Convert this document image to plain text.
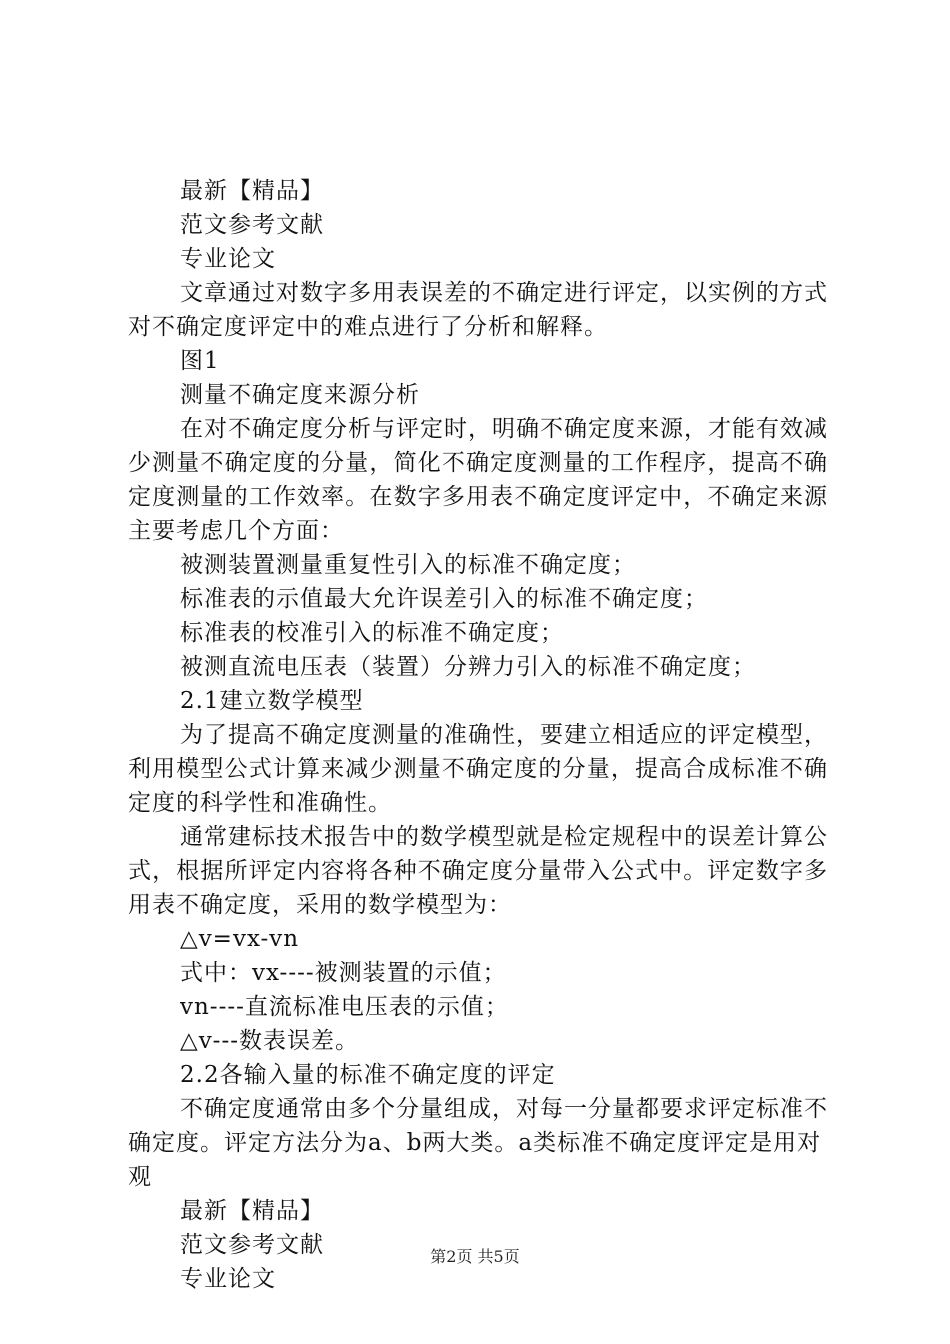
最新【精品】

范文参考文献

专业论文

文章通过对数字多用表误差的不确定进行评定，以实例的方式对不确定度评定中的难点进行了分析和解释。

图1

测量不确定度来源分析

在对不确定度分析与评定时，明确不确定度来源，才能有效减少测量不确定度的分量，简化不确定度测量的工作程序，提高不确定度测量的工作效率。在数字多用表不确定度评定中，不确定来源主要考虑几个方面：

被测装置测量重复性引入的标准不确定度；

标准表的示值最大允许误差引入的标准不确定度；

标准表的校准引入的标准不确定度；

被测直流电压表（装置）分辨力引入的标准不确定度；

2.1建立数学模型

为了提高不确定度测量的准确性，要建立相适应的评定模型，利用模型公式计算来减少测量不确定度的分量，提高合成标准不确定度的科学性和准确性。

通常建标技术报告中的数学模型就是检定规程中的误差计算公式，根据所评定内容将各种不确定度分量带入公式中。评定数字多用表不确定度，采用的数学模型为：

△v=vx-vn

式中：vx----被测装置的示值；

vn----直流标准电压表的示值；

△v---数表误差。

2.2各输入量的标准不确定度的评定

不确定度通常由多个分量组成，对每一分量都要求评定标准不确定度。评定方法分为a、b两大类。a类标准不确定度评定是用对观

最新【精品】

范文参考文献

专业论文

第2页 共5页
